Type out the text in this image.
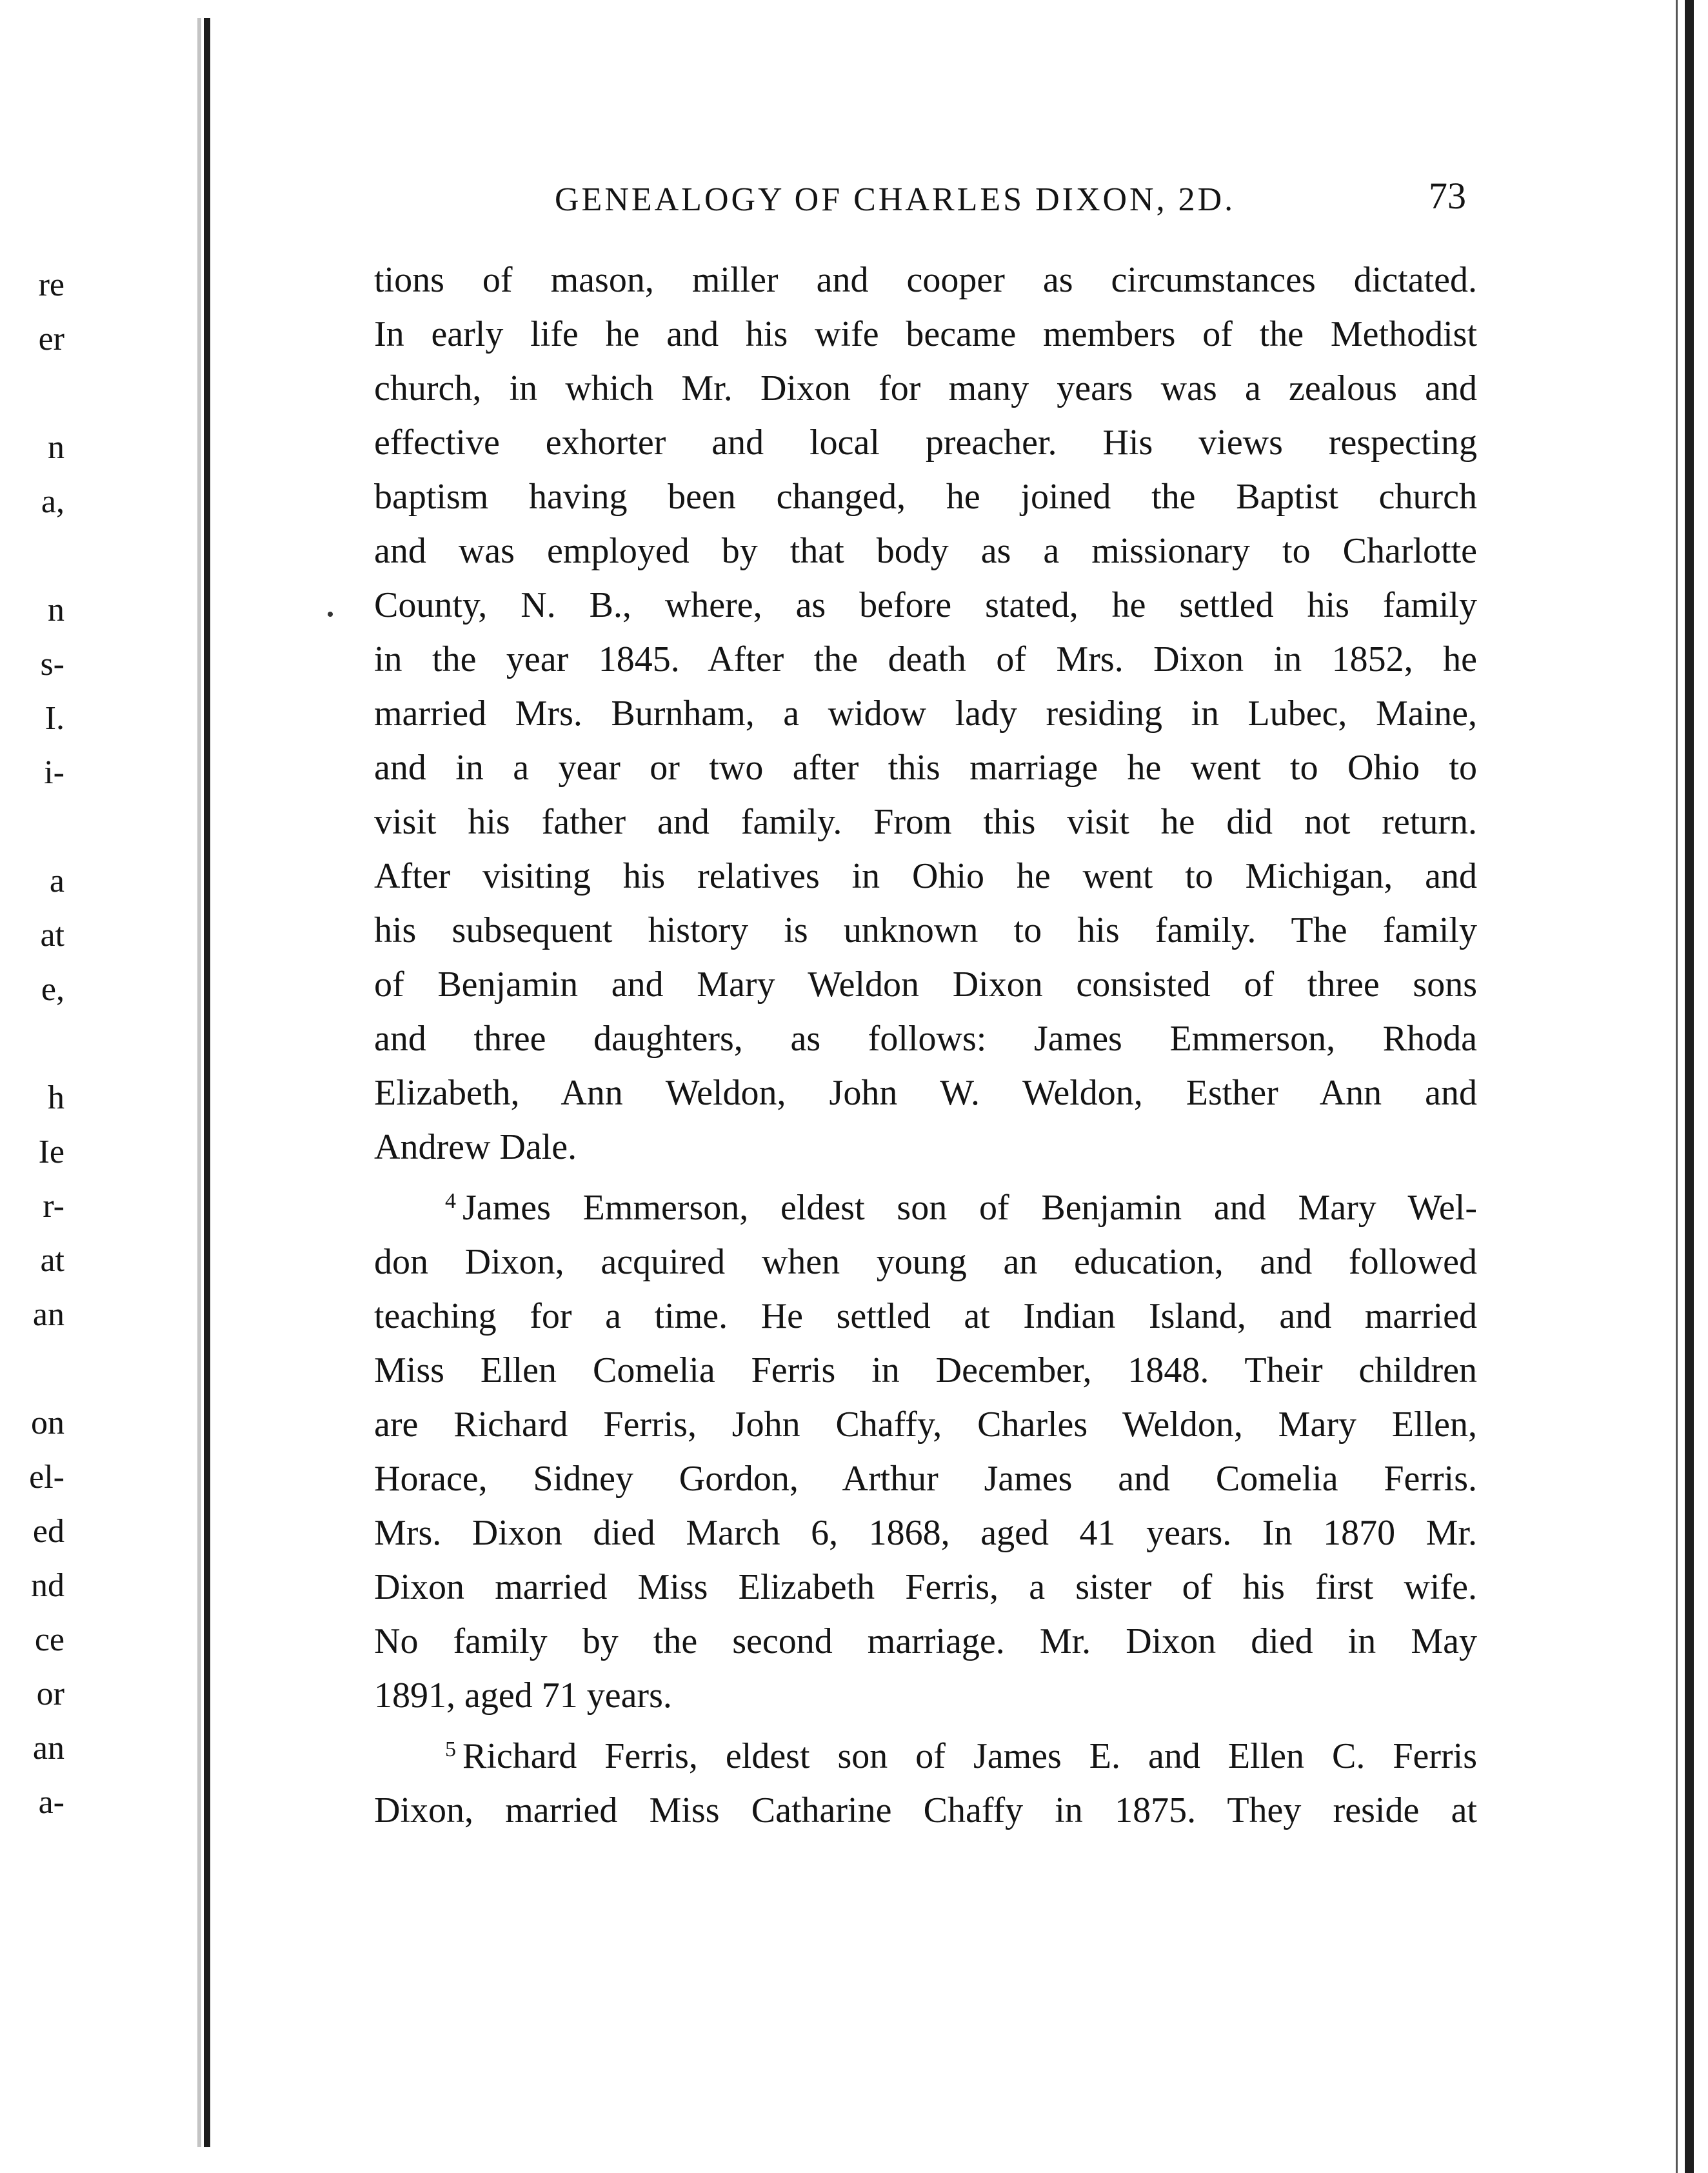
re
er
n
a,
n
s-
I.
i-
a
at
e,
h
Ie
r-
at
an
on
el-
ed
nd
ce
or
an
a-
GENEALOGY OF CHARLES DIXON, 2D.	73

tions of mason, miller and cooper as circumstances dictated.
In early life he and his wife became members of the Methodist
church, in which Mr. Dixon for many years was a zealous and
effective exhorter and local preacher. His views respecting
baptism having been changed, he joined the Baptist church
and was employed by that body as a missionary to Charlotte
County, N. B., where, as before stated, he settled his family
in the year 1845. After the death of Mrs. Dixon in 1852, he
married Mrs. Burnham, a widow lady residing in Lubec, Maine,
and in a year or two after this marriage he went to Ohio to
visit his father and family. From this visit he did not return.
After visiting his relatives in Ohio he went to Michigan, and
his subsequent history is unknown to his family. The family
of Benjamin and Mary Weldon Dixon consisted of three sons
and three daughters, as follows: James Emmerson, Rhoda
Elizabeth, Ann Weldon, John W. Weldon, Esther Ann and
Andrew Dale.

$^4$ James Emmerson, eldest son of Benjamin and Mary Wel-
don Dixon, acquired when young an education, and followed
teaching for a time. He settled at Indian Island, and married
Miss Ellen Comelia Ferris in December, 1848. Their children
are Richard Ferris, John Chaffy, Charles Weldon, Mary Ellen,
Horace, Sidney Gordon, Arthur James and Comelia Ferris.
Mrs. Dixon died March 6, 1868, aged 41 years. In 1870 Mr.
Dixon married Miss Elizabeth Ferris, a sister of his first wife.
No family by the second marriage. Mr. Dixon died in May
1891, aged 71 years.

$^5$ Richard Ferris, eldest son of James E. and Ellen C. Ferris
Dixon, married Miss Catharine Chaffy in 1875. They reside at
